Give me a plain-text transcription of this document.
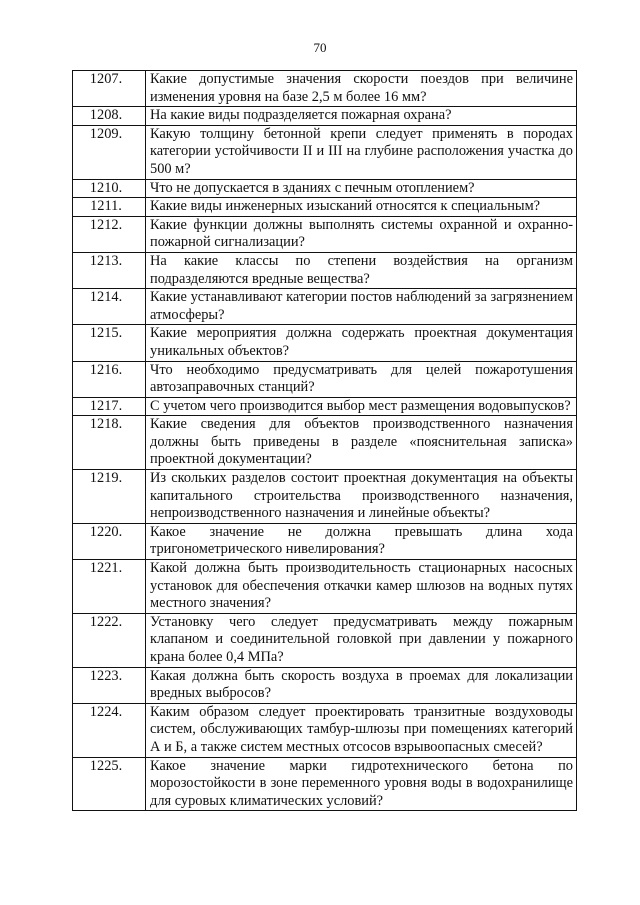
70
1207.	Какие допустимые значения скорости поездов при величине изменения уровня на базе 2,5 м более 16 мм?
1208.	На какие виды подразделяется пожарная охрана?
1209.	Какую толщину бетонной крепи следует применять в породах категории устойчивости II и III на глубине расположения участка до 500 м?
1210.	Что не допускается в зданиях с печным отоплением?
1211.	Какие виды инженерных изысканий относятся к специальным?
1212.	Какие функции должны выполнять системы охранной и охранно-пожарной сигнализации?
1213.	На какие классы по степени воздействия на организм подразделяются вредные вещества?
1214.	Какие устанавливают категории постов наблюдений за загрязнением атмосферы?
1215.	Какие мероприятия должна содержать проектная документация уникальных объектов?
1216.	Что необходимо предусматривать для целей пожаротушения автозаправочных станций?
1217.	С учетом чего производится выбор мест размещения водовыпусков?
1218.	Какие сведения для объектов производственного назначения должны быть приведены в разделе «пояснительная записка» проектной документации?
1219.	Из скольких разделов состоит проектная документация на объекты капитального строительства производственного назначения, непроизводственного назначения и линейные объекты?
1220.	Какое значение не должна превышать длина хода тригонометрического нивелирования?
1221.	Какой должна быть производительность стационарных насосных установок для обеспечения откачки камер шлюзов на водных путях местного значения?
1222.	Установку чего следует предусматривать между пожарным клапаном и соединительной головкой при давлении у пожарного крана более 0,4 МПа?
1223.	Какая должна быть скорость воздуха в проемах для локализации вредных выбросов?
1224.	Каким образом следует проектировать транзитные воздуховоды систем, обслуживающих тамбур-шлюзы при помещениях категорий А и Б, а также систем местных отсосов взрывоопасных смесей?
1225.	Какое значение марки гидротехнического бетона по морозостойкости в зоне переменного уровня воды в водохранилище для суровых климатических условий?
